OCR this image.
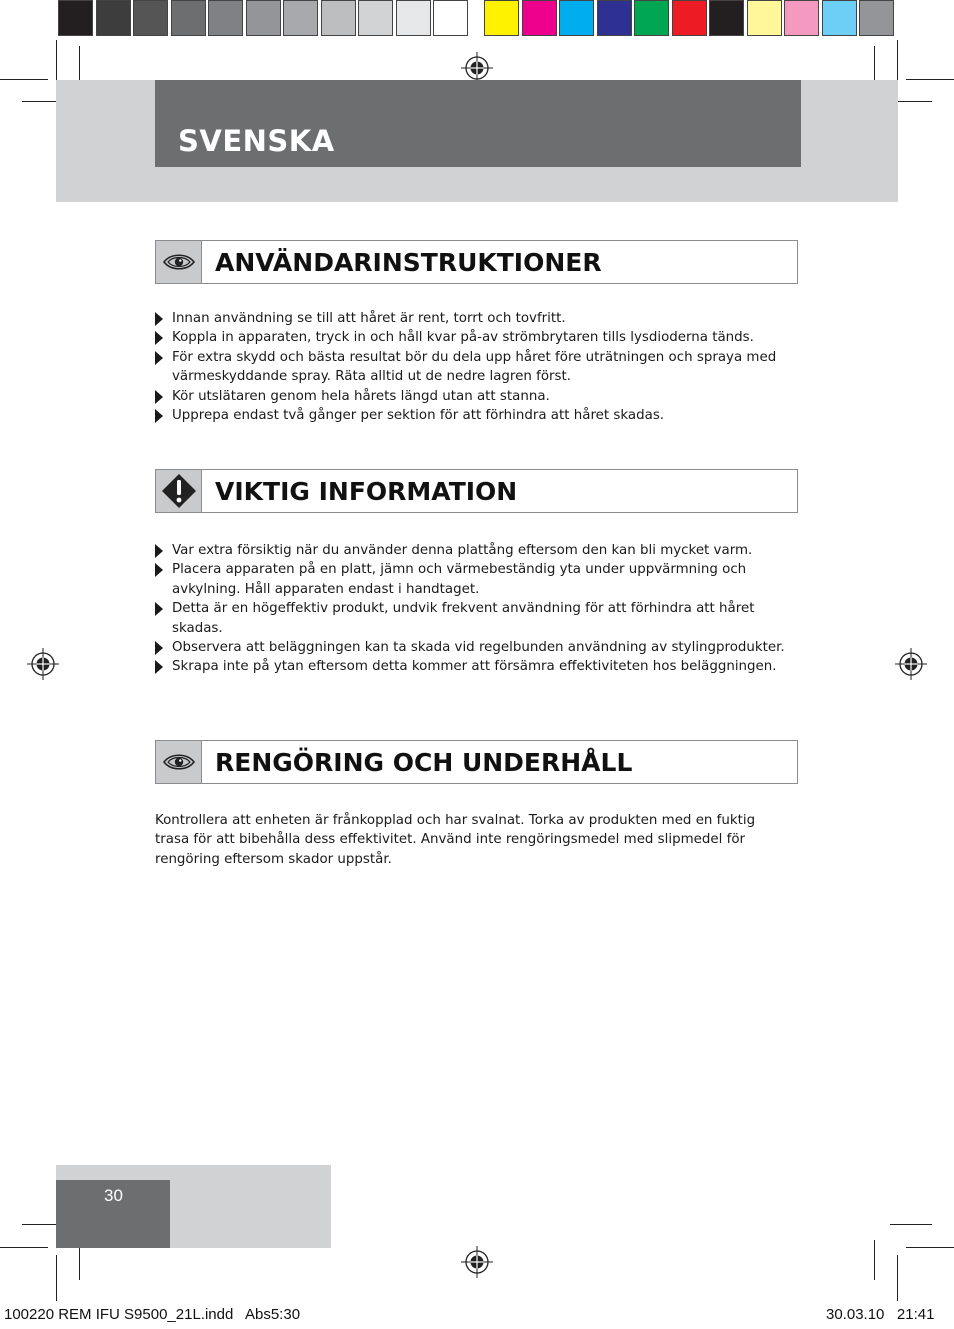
SVENSKA
ANVÄNDARINSTRUKTIONER
Innan användning se till att håret är rent, torrt och tovfritt.
Koppla in apparaten, tryck in och håll kvar på-av strömbrytaren tills lysdioderna tänds.
För extra skydd och bästa resultat bör du dela upp håret före uträtningen och spraya med värmeskyddande spray. Räta alltid ut de nedre lagren först.
Kör utslätaren genom hela hårets längd utan att stanna.
Upprepa endast två gånger per sektion för att förhindra att håret skadas.
VIKTIG INFORMATION
Var extra försiktig när du använder denna plattång eftersom den kan bli mycket varm.
Placera apparaten på en platt, jämn och värmebeständig yta under uppvärmning och avkylning. Håll apparaten endast i handtaget.
Detta är en högeffektiv produkt, undvik frekvent användning för att förhindra att håret skadas.
Observera att beläggningen kan ta skada vid regelbunden användning av stylingprodukter.
Skrapa inte på ytan eftersom detta kommer att försämra effektiviteten hos beläggningen.
RENGÖRING OCH UNDERHÅLL

Kontrollera att enheten är frånkopplad och har svalnat. Torka av produkten med en fuktig trasa för att bibehålla dess effektivitet. Använd inte rengöringsmedel med slipmedel för rengöring eftersom skador uppstår.

30
100220 REM IFU S9500_21L.indd   Abs5:30	30.03.10   21:41
